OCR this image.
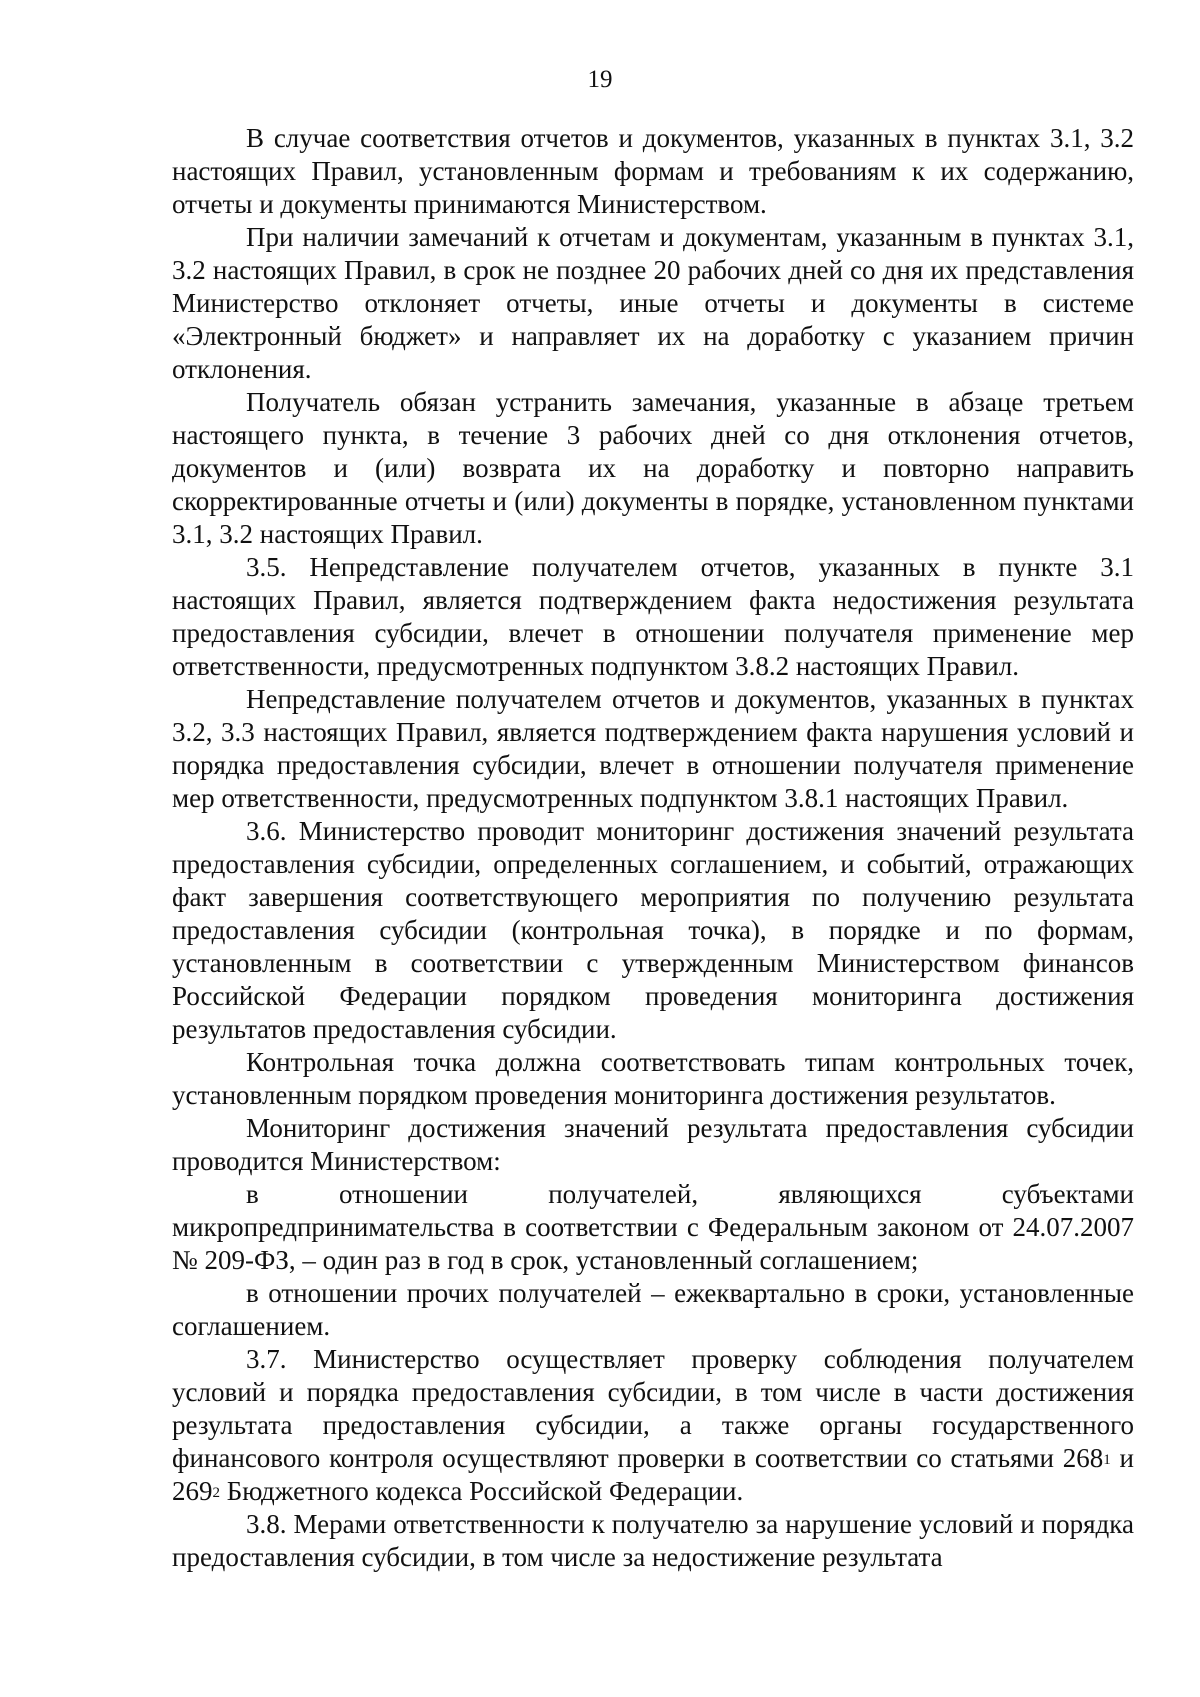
19

В случае соответствия отчетов и документов, указанных в пунктах 3.1, 3.2 настоящих Правил, установленным формам и требованиям к их содержанию, отчеты и документы принимаются Министерством.

При наличии замечаний к отчетам и документам, указанным в пунктах 3.1, 3.2 настоящих Правил, в срок не позднее 20 рабочих дней со дня их представления Министерство отклоняет отчеты, иные отчеты и документы в системе «Электронный бюджет» и направляет их на доработку с указанием причин отклонения.

Получатель обязан устранить замечания, указанные в абзаце третьем настоящего пункта, в течение 3 рабочих дней со дня отклонения отчетов, документов и (или) возврата их на доработку и повторно направить скорректированные отчеты и (или) документы в порядке, установленном пунктами 3.1, 3.2 настоящих Правил.

3.5. Непредставление получателем отчетов, указанных в пункте 3.1 настоящих Правил, является подтверждением факта недостижения результата предоставления субсидии, влечет в отношении получателя применение мер ответственности, предусмотренных подпунктом 3.8.2 настоящих Правил.

Непредставление получателем отчетов и документов, указанных в пунктах 3.2, 3.3 настоящих Правил, является подтверждением факта нарушения условий и порядка предоставления субсидии, влечет в отношении получателя применение мер ответственности, предусмотренных подпунктом 3.8.1 настоящих Правил.

3.6. Министерство проводит мониторинг достижения значений результата предоставления субсидии, определенных соглашением, и событий, отражающих факт завершения соответствующего мероприятия по получению результата предоставления субсидии (контрольная точка), в порядке и по формам, установленным в соответствии с утвержденным Министерством финансов Российской Федерации порядком проведения мониторинга достижения результатов предоставления субсидии.

Контрольная точка должна соответствовать типам контрольных точек, установленным порядком проведения мониторинга достижения результатов.

Мониторинг достижения значений результата предоставления субсидии проводится Министерством:

в отношении получателей, являющихся субъектами микропредпринимательства в соответствии с Федеральным законом от 24.07.2007 № 209-ФЗ, – один раз в год в срок, установленный соглашением;

в отношении прочих получателей – ежеквартально в сроки, установленные соглашением.

3.7. Министерство осуществляет проверку соблюдения получателем условий и порядка предоставления субсидии, в том числе в части достижения результата предоставления субсидии, а также органы государственного финансового контроля осуществляют проверки в соответствии со статьями $268^1$ и $269^2$ Бюджетного кодекса Российской Федерации.

3.8. Мерами ответственности к получателю за нарушение условий и порядка предоставления субсидии, в том числе за недостижение результата
